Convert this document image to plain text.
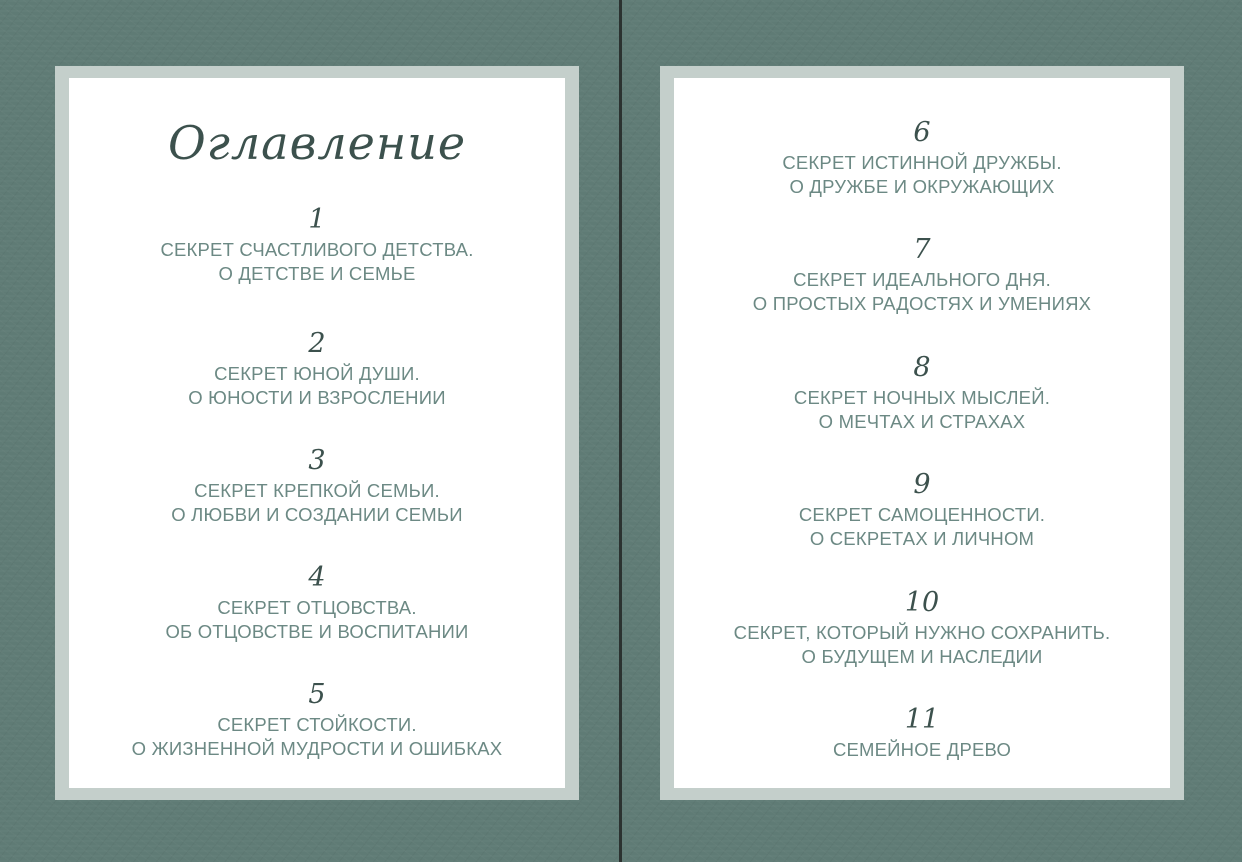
Оглавление
1
СЕКРЕТ СЧАСТЛИВОГО ДЕТСТВА.
О ДЕТСТВЕ И СЕМЬЕ
2
СЕКРЕТ ЮНОЙ ДУШИ.
О ЮНОСТИ И ВЗРОСЛЕНИИ
3
СЕКРЕТ КРЕПКОЙ СЕМЬИ.
О ЛЮБВИ И СОЗДАНИИ СЕМЬИ
4
СЕКРЕТ ОТЦОВСТВА.
ОБ ОТЦОВСТВЕ И ВОСПИТАНИИ
5
СЕКРЕТ СТОЙКОСТИ.
О ЖИЗНЕННОЙ МУДРОСТИ И ОШИБКАХ
6
СЕКРЕТ ИСТИННОЙ ДРУЖБЫ.
О ДРУЖБЕ И ОКРУЖАЮЩИХ
7
СЕКРЕТ ИДЕАЛЬНОГО ДНЯ.
О ПРОСТЫХ РАДОСТЯХ И УМЕНИЯХ
8
СЕКРЕТ НОЧНЫХ МЫСЛЕЙ.
О МЕЧТАХ И СТРАХАХ
9
СЕКРЕТ САМОЦЕННОСТИ.
О СЕКРЕТАХ И ЛИЧНОМ
10
СЕКРЕТ, КОТОРЫЙ НУЖНО СОХРАНИТЬ.
О БУДУЩЕМ И НАСЛЕДИИ
11
СЕМЕЙНОЕ ДРЕВО
